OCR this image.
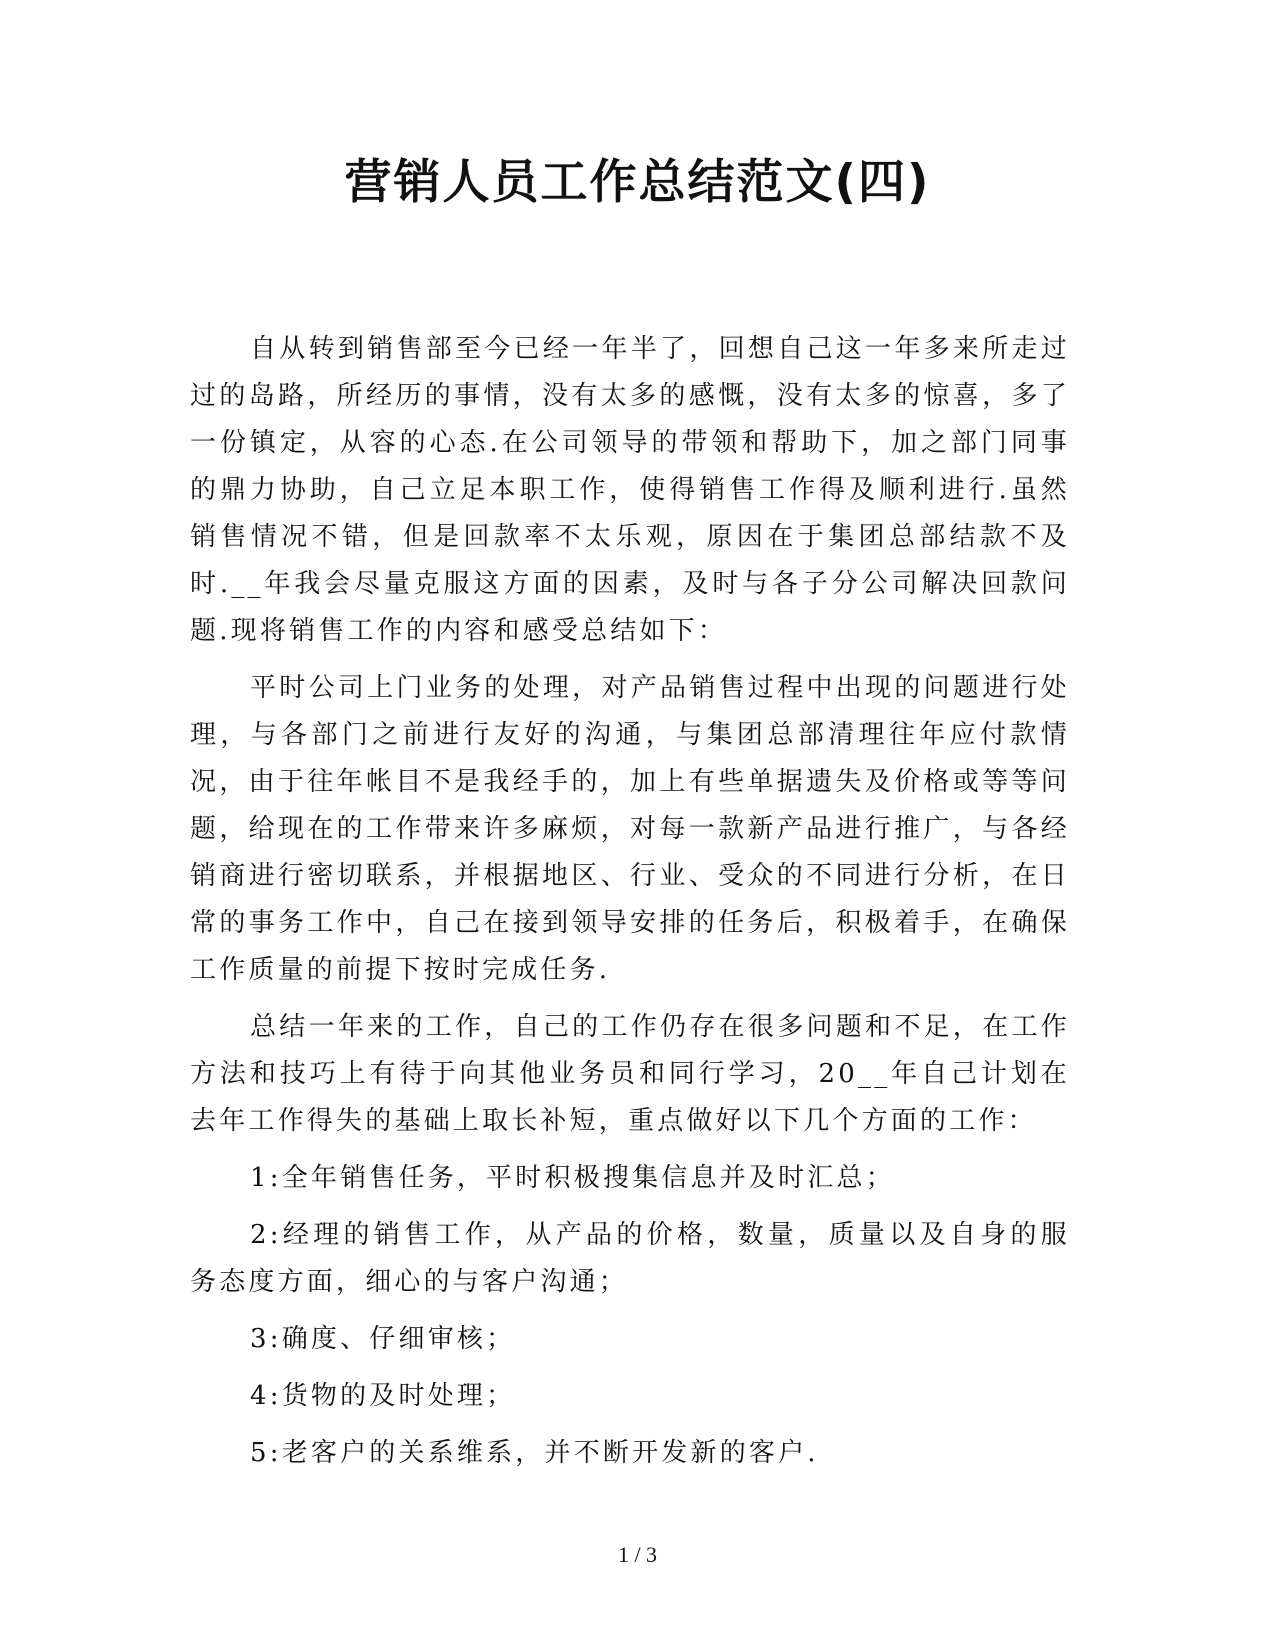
营销人员工作总结范文(四)

自从转到销售部至今已经一年半了，回想自己这一年多来所走过过的岛路，所经历的事情，没有太多的感慨，没有太多的惊喜，多了一份镇定，从容的心态.在公司领导的带领和帮助下，加之部门同事的鼎力协助，自己立足本职工作，使得销售工作得及顺利进行.虽然销售情况不错，但是回款率不太乐观，原因在于集团总部结款不及时.__年我会尽量克服这方面的因素，及时与各子分公司解决回款问题.现将销售工作的内容和感受总结如下：

平时公司上门业务的处理，对产品销售过程中出现的问题进行处理，与各部门之前进行友好的沟通，与集团总部清理往年应付款情况，由于往年帐目不是我经手的，加上有些单据遗失及价格或等等问题，给现在的工作带来许多麻烦，对每一款新产品进行推广，与各经销商进行密切联系，并根据地区、行业、受众的不同进行分析，在日常的事务工作中，自己在接到领导安排的任务后，积极着手，在确保工作质量的前提下按时完成任务.

总结一年来的工作，自己的工作仍存在很多问题和不足，在工作方法和技巧上有待于向其他业务员和同行学习，20__年自己计划在去年工作得失的基础上取长补短，重点做好以下几个方面的工作：

1:全年销售任务，平时积极搜集信息并及时汇总；

2:经理的销售工作，从产品的价格，数量，质量以及自身的服务态度方面，细心的与客户沟通；

3:确度、仔细审核；

4:货物的及时处理；

5:老客户的关系维系，并不断开发新的客户.

1 / 3
